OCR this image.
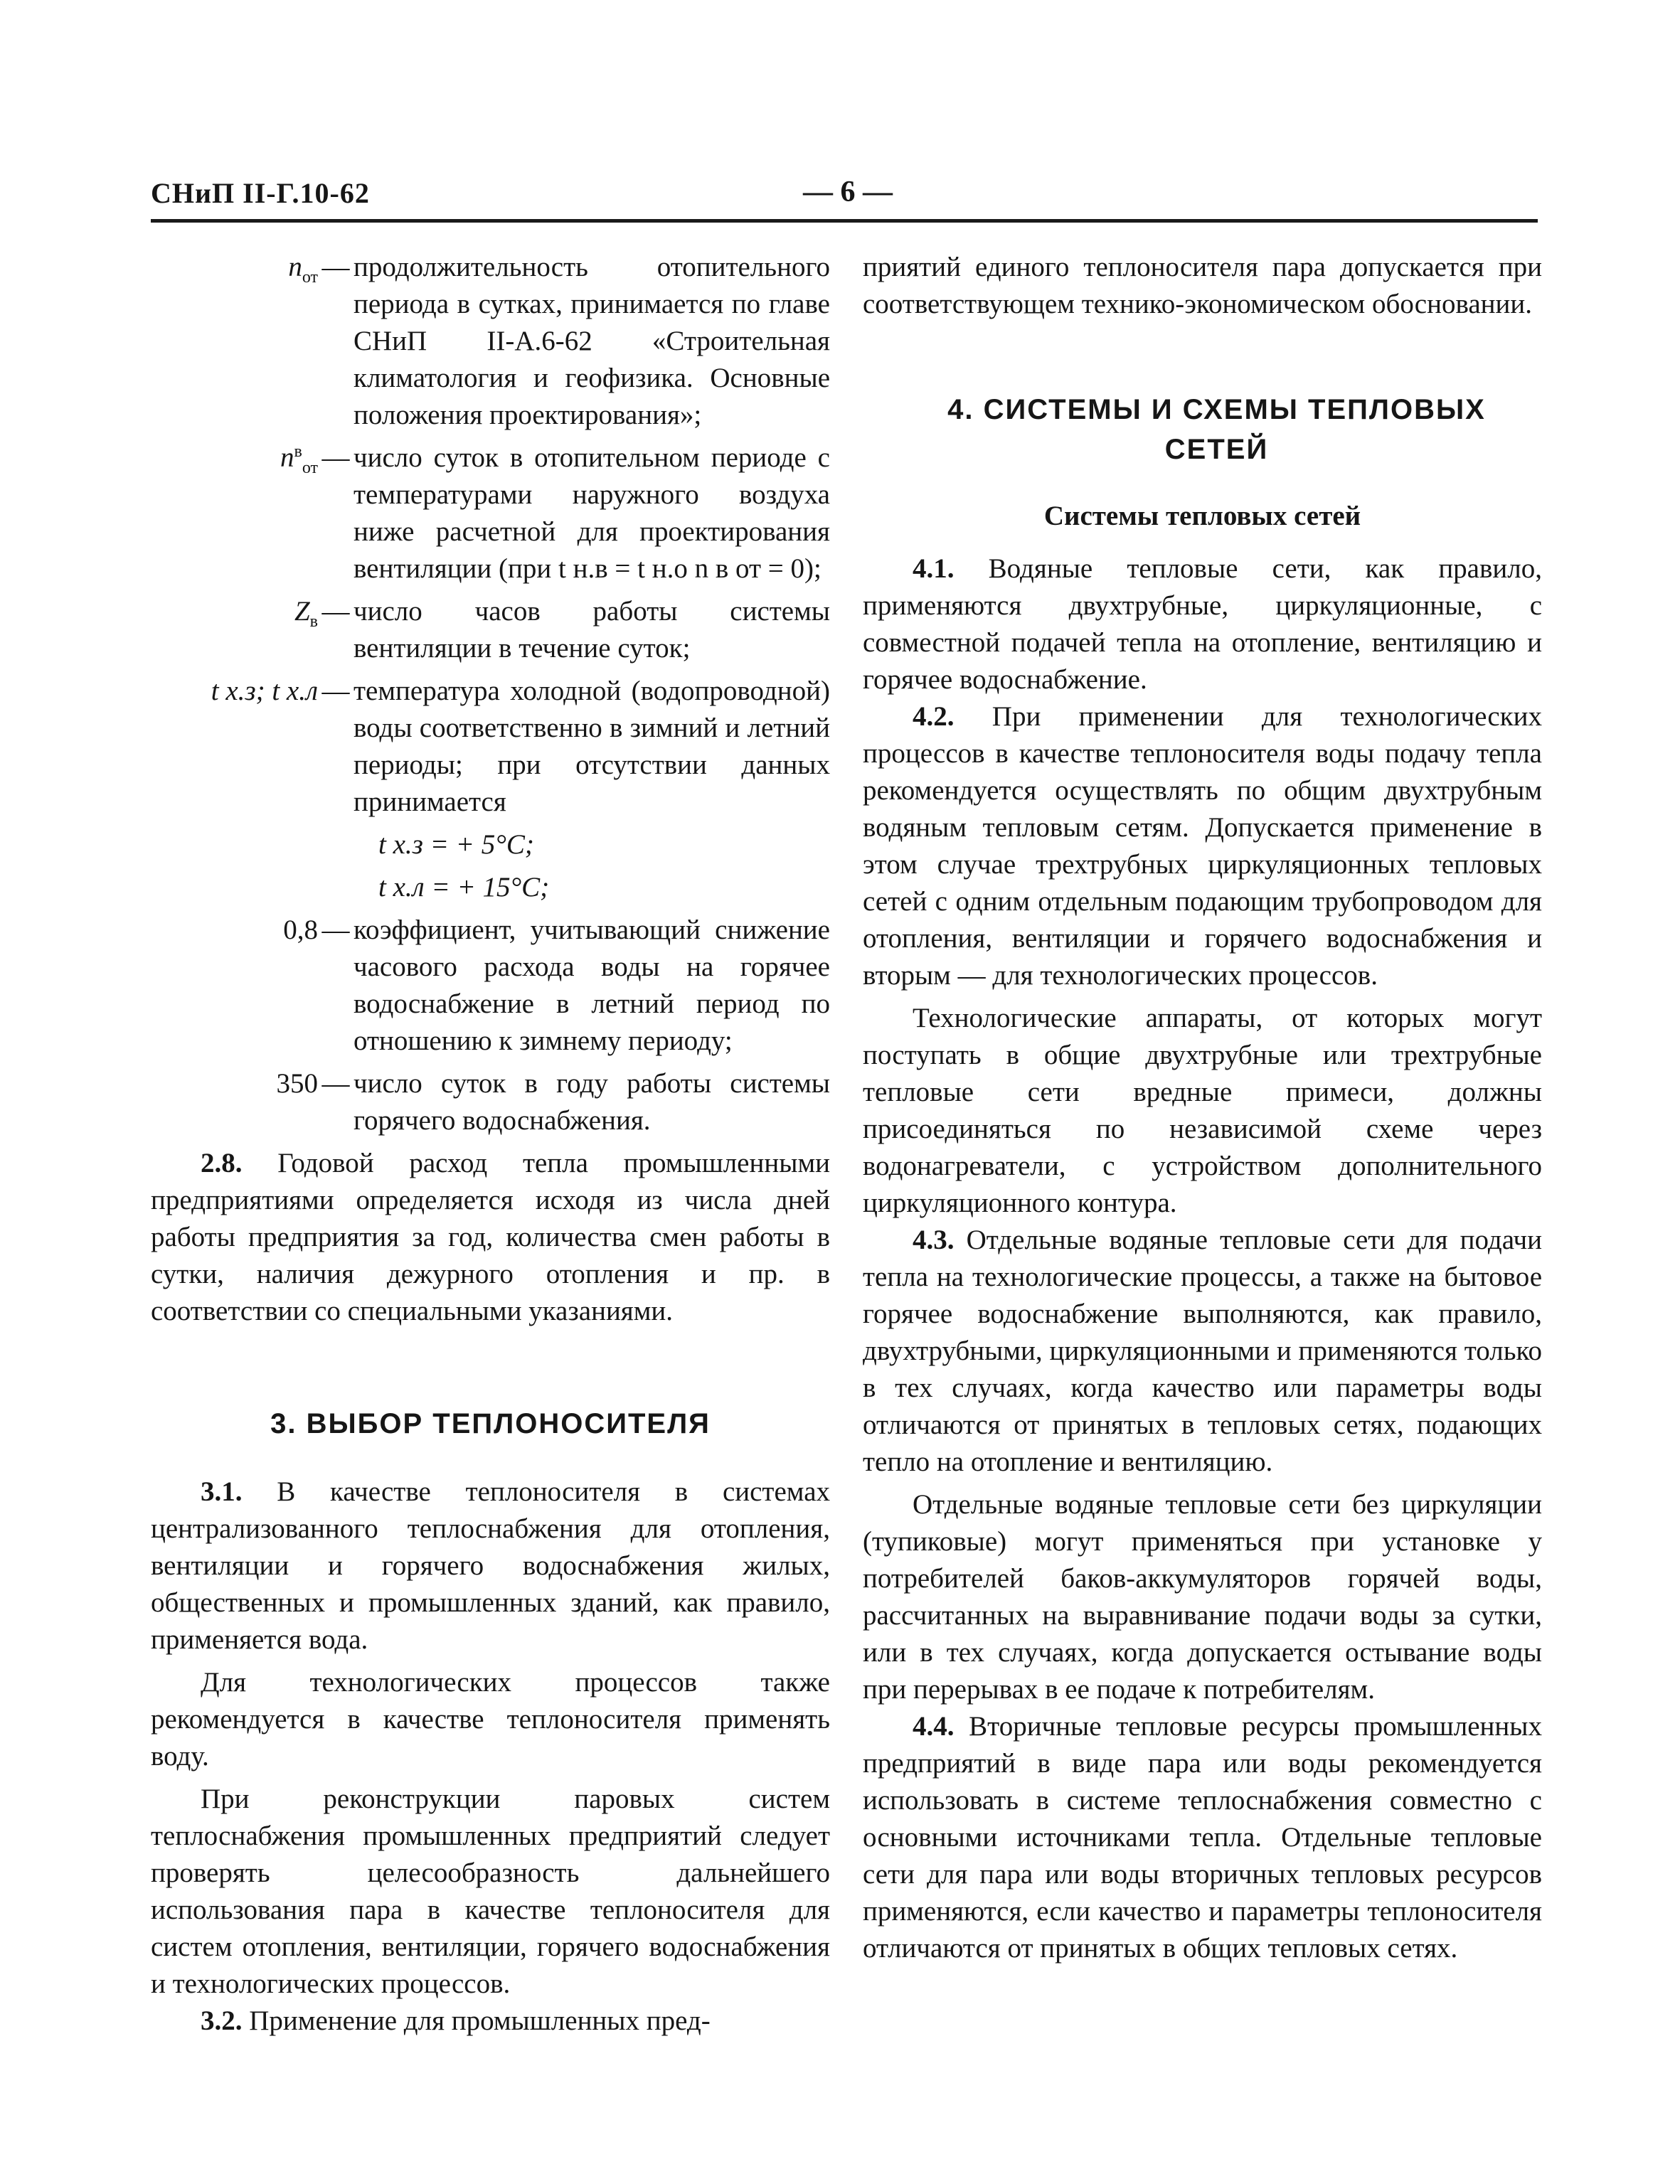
СНиП II-Г.10-62	— 6 —
$n_{от}$ — продолжительность отопительного периода в сутках, принимается по главе СНиП II-А.6-62 «Строительная климатология и геофизика. Основные положения проектирования»;
$n^в_{от}$ — число суток в отопительном периоде с температурами наружного воздуха ниже расчетной для проектирования вентиляции (при t н.в = t н.о n в от = 0);
$Z_в$ — число часов работы системы вентиляции в течение суток;
t x.з; t x.л — температура холодной (водопроводной) воды соответственно в зимний и летний периоды; при отсутствии данных принимается
t x.з = + 5°С;
t x.л = + 15°С;
0,8 — коэффициент, учитывающий снижение часового расхода воды на горячее водоснабжение в летний период по отношению к зимнему периоду;
350 — число суток в году работы системы горячего водоснабжения.

2.8. Годовой расход тепла промышленными предприятиями определяется исходя из числа дней работы предприятия за год, количества смен работы в сутки, наличия дежурного отопления и пр. в соответствии со специальными указаниями.

3. ВЫБОР ТЕПЛОНОСИТЕЛЯ

3.1. В качестве теплоносителя в системах централизованного теплоснабжения для отопления, вентиляции и горячего водоснабжения жилых, общественных и промышленных зданий, как правило, применяется вода.

Для технологических процессов также рекомендуется в качестве теплоносителя применять воду.

При реконструкции паровых систем теплоснабжения промышленных предприятий следует проверять целесообразность дальнейшего использования пара в качестве теплоносителя для систем отопления, вентиляции, горячего водоснабжения и технологических процессов.

3.2. Применение для промышленных пред-

приятий единого теплоносителя пара допускается при соответствующем технико-экономическом обосновании.

4. СИСТЕМЫ И СХЕМЫ ТЕПЛОВЫХ СЕТЕЙ
Системы тепловых сетей

4.1. Водяные тепловые сети, как правило, применяются двухтрубные, циркуляционные, с совместной подачей тепла на отопление, вентиляцию и горячее водоснабжение.

4.2. При применении для технологических процессов в качестве теплоносителя воды подачу тепла рекомендуется осуществлять по общим двухтрубным водяным тепловым сетям. Допускается применение в этом случае трехтрубных циркуляционных тепловых сетей с одним отдельным подающим трубопроводом для отопления, вентиляции и горячего водоснабжения и вторым — для технологических процессов.

Технологические аппараты, от которых могут поступать в общие двухтрубные или трехтрубные тепловые сети вредные примеси, должны присоединяться по независимой схеме через водонагреватели, с устройством дополнительного циркуляционного контура.

4.3. Отдельные водяные тепловые сети для подачи тепла на технологические процессы, а также на бытовое горячее водоснабжение выполняются, как правило, двухтрубными, циркуляционными и применяются только в тех случаях, когда качество или параметры воды отличаются от принятых в тепловых сетях, подающих тепло на отопление и вентиляцию.

Отдельные водяные тепловые сети без циркуляции (тупиковые) могут применяться при установке у потребителей баков-аккумуляторов горячей воды, рассчитанных на выравнивание подачи воды за сутки, или в тех случаях, когда допускается остывание воды при перерывах в ее подаче к потребителям.

4.4. Вторичные тепловые ресурсы промышленных предприятий в виде пара или воды рекомендуется использовать в системе теплоснабжения совместно с основными источниками тепла. Отдельные тепловые сети для пара или воды вторичных тепловых ресурсов применяются, если качество и параметры теплоносителя отличаются от принятых в общих тепловых сетях.
